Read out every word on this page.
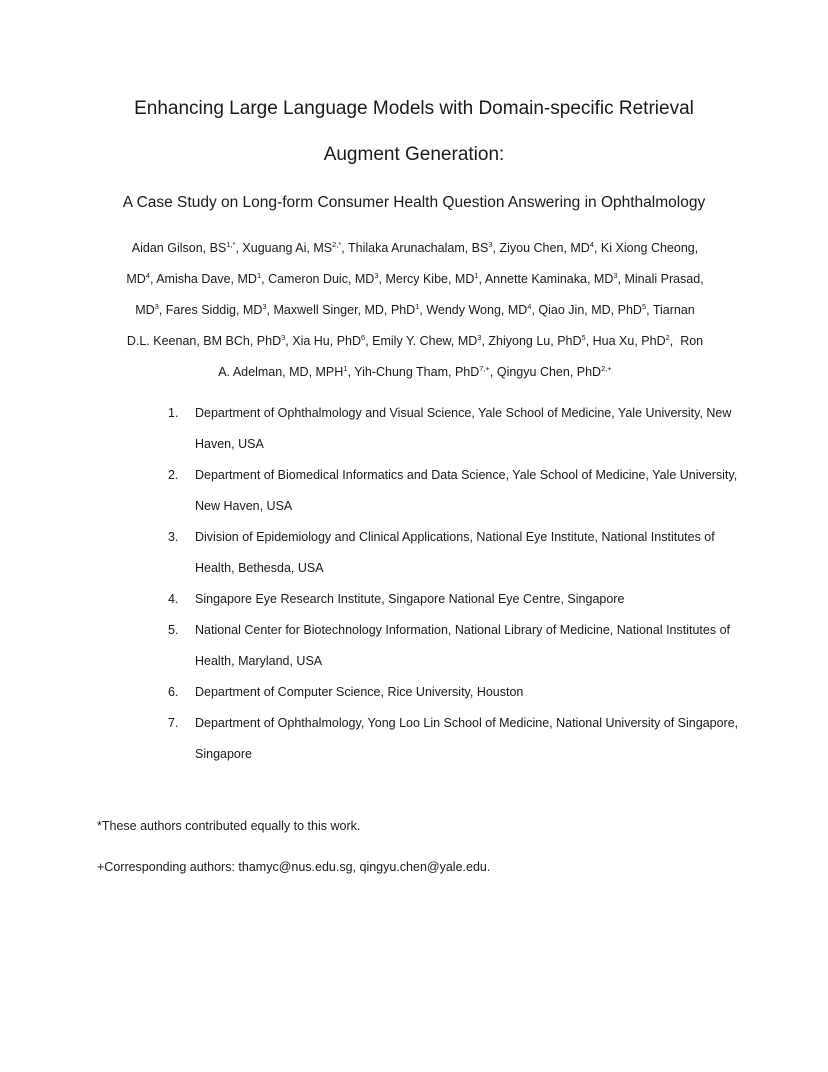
Enhancing Large Language Models with Domain-specific Retrieval
Augment Generation:
A Case Study on Long-form Consumer Health Question Answering in Ophthalmology
Aidan Gilson, $BS^{1,*}$, Xuguang Ai, $MS^{2,*}$, Thilaka Arunachalam, $BS^3$, Ziyou Chen, $MD^4$, Ki Xiong Cheong,
$MD^4$, Amisha Dave, $MD^1$, Cameron Duic, $MD^3$, Mercy Kibe, $MD^1$, Annette Kaminaka, $MD^3$, Minali Prasad,
$MD^3$, Fares Siddig, $MD^3$, Maxwell Singer, MD, PhD$^1$, Wendy Wong, $MD^4$, Qiao Jin, MD, PhD$^5$, Tiarnan
D.L. Keenan, BM BCh, PhD$^3$, Xia Hu, PhD$^6$, Emily Y. Chew, $MD^3$, Zhiyong Lu, PhD$^5$, Hua Xu, PhD$^2$,  Ron
A. Adelman, MD, MPH$^1$, Yih-Chung Tham, PhD$^{7,+}$, Qingyu Chen, PhD$^{2,+}$
1. Department of Ophthalmology and Visual Science, Yale School of Medicine, Yale University, New Haven, USA
2. Department of Biomedical Informatics and Data Science, Yale School of Medicine, Yale University, New Haven, USA
3. Division of Epidemiology and Clinical Applications, National Eye Institute, National Institutes of Health, Bethesda, USA
4. Singapore Eye Research Institute, Singapore National Eye Centre, Singapore
5. National Center for Biotechnology Information, National Library of Medicine, National Institutes of Health, Maryland, USA
6. Department of Computer Science, Rice University, Houston
7. Department of Ophthalmology, Yong Loo Lin School of Medicine, National University of Singapore, Singapore

*These authors contributed equally to this work.

+Corresponding authors: thamyc@nus.edu.sg, qingyu.chen@yale.edu.
